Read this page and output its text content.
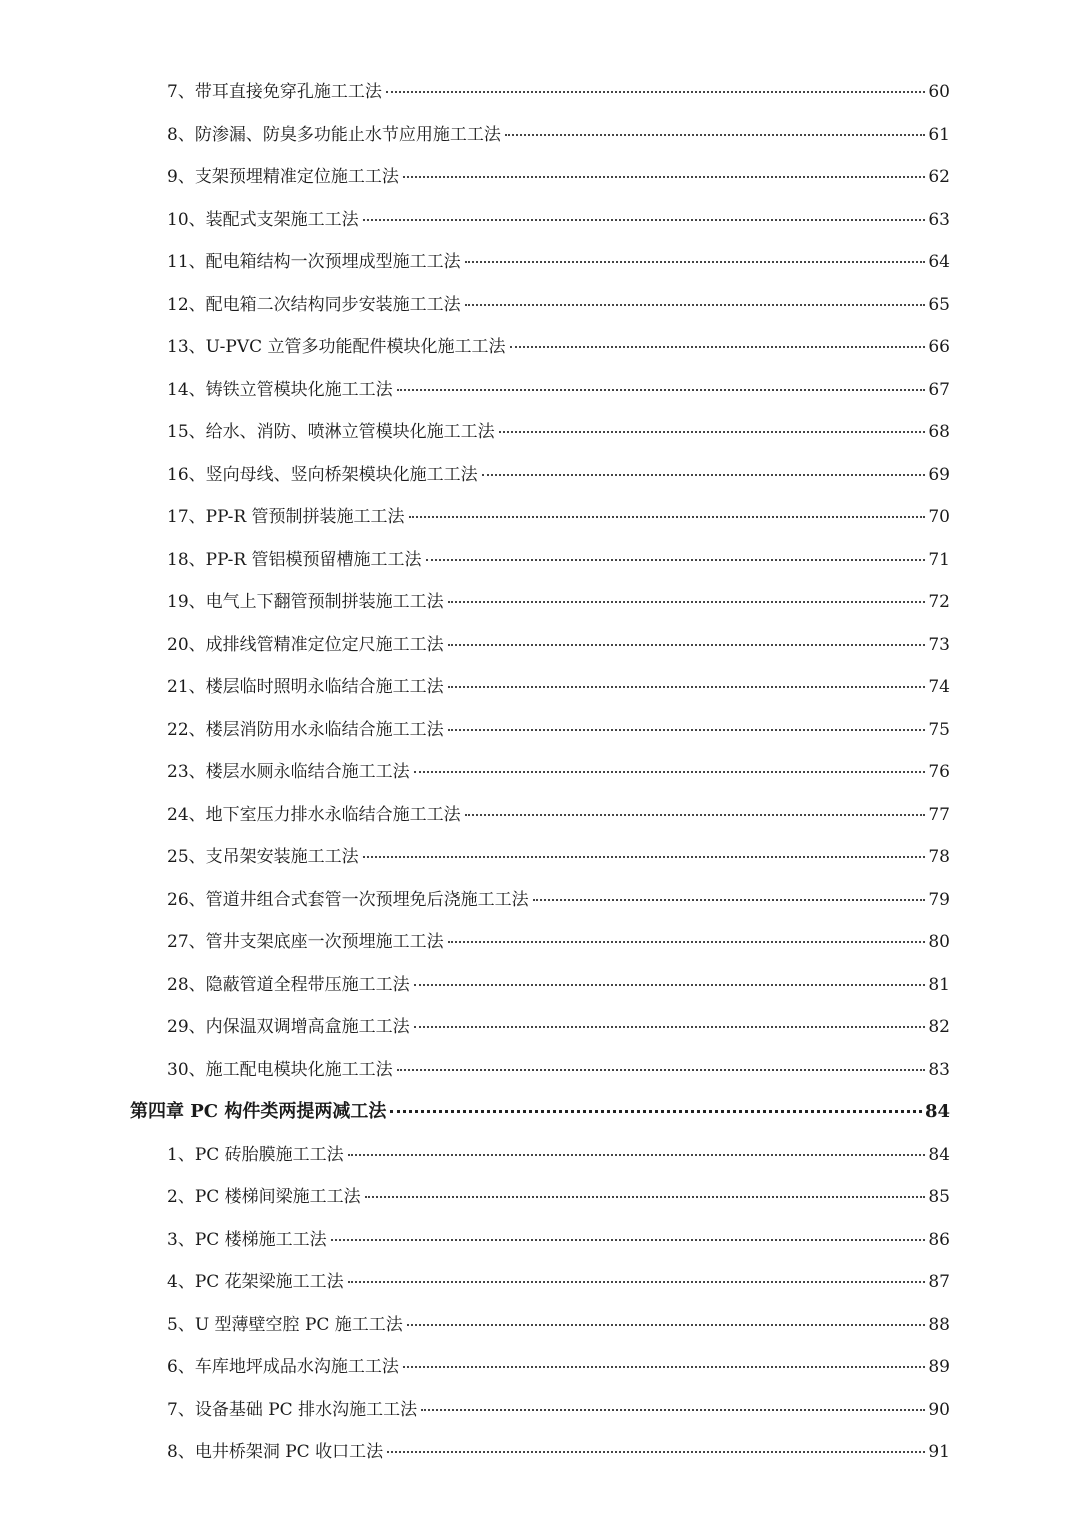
7、带耳直接免穿孔施工工法	60
8、防渗漏、防臭多功能止水节应用施工工法	61
9、支架预埋精准定位施工工法	62
10、装配式支架施工工法	63
11、配电箱结构一次预埋成型施工工法	64
12、配电箱二次结构同步安装施工工法	65
13、U-PVC 立管多功能配件模块化施工工法	66
14、铸铁立管模块化施工工法	67
15、给水、消防、喷淋立管模块化施工工法	68
16、竖向母线、竖向桥架模块化施工工法	69
17、PP-R 管预制拼装施工工法	70
18、PP-R 管铝模预留槽施工工法	71
19、电气上下翻管预制拼装施工工法	72
20、成排线管精准定位定尺施工工法	73
21、楼层临时照明永临结合施工工法	74
22、楼层消防用水永临结合施工工法	75
23、楼层水厕永临结合施工工法	76
24、地下室压力排水永临结合施工工法	77
25、支吊架安装施工工法	78
26、管道井组合式套管一次预埋免后浇施工工法	79
27、管井支架底座一次预埋施工工法	80
28、隐蔽管道全程带压施工工法	81
29、内保温双调增高盒施工工法	82
30、施工配电模块化施工工法	83
第四章 PC 构件类两提两减工法	84
1、PC 砖胎膜施工工法	84
2、PC 楼梯间梁施工工法	85
3、PC 楼梯施工工法	86
4、PC 花架梁施工工法	87
5、U 型薄壁空腔 PC 施工工法	88
6、车库地坪成品水沟施工工法	89
7、设备基础 PC 排水沟施工工法	90
8、电井桥架洞 PC 收口工法	91
